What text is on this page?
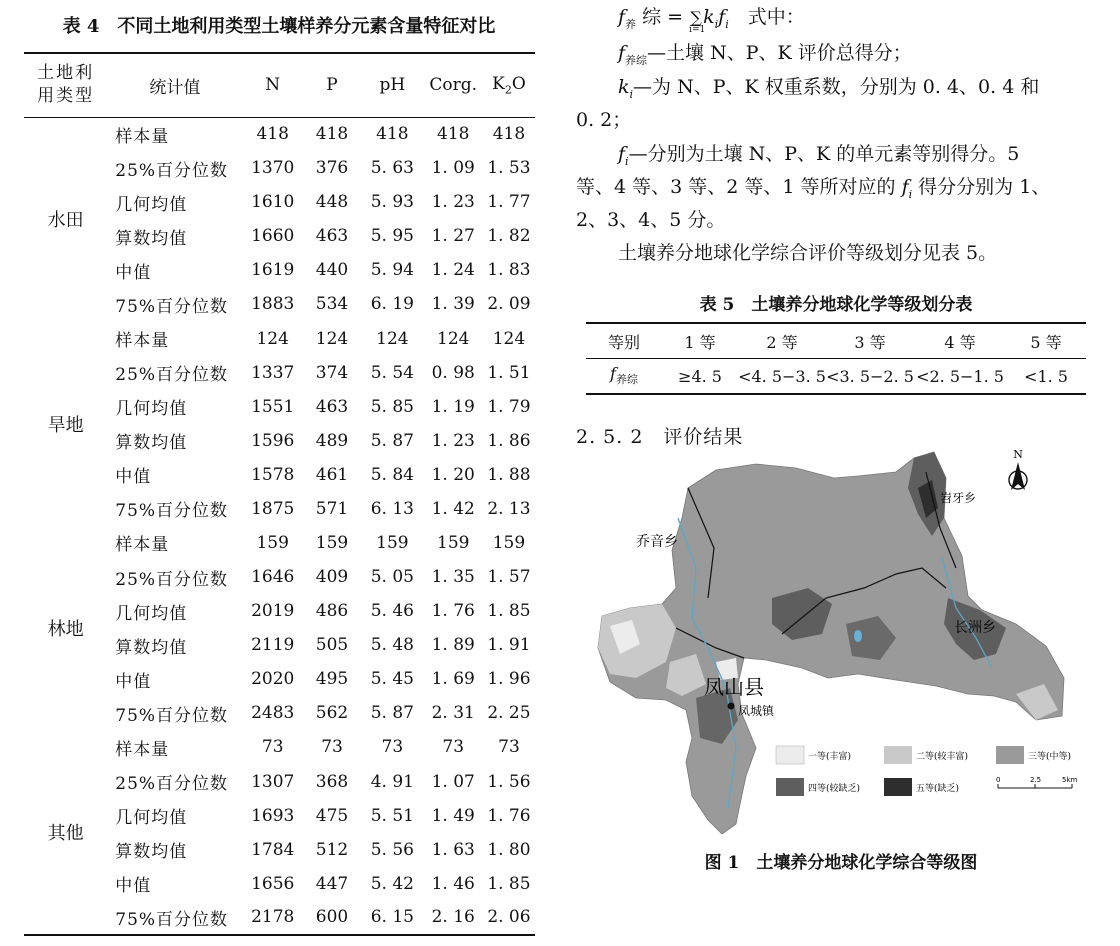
表 4　不同土地利用类型土壤样养分元素含量特征对比
土地利
用类型	统计值	N	P	pH	Corg.	$K_2O$
水田	样本量	418	418	418	418	418
	25%百分位数	1370	376	5. 63	1. 09	1. 53
	几何均值	1610	448	5. 93	1. 23	1. 77
	算数均值	1660	463	5. 95	1. 27	1. 82
	中值	1619	440	5. 94	1. 24	1. 83
	75%百分位数	1883	534	6. 19	1. 39	2. 09
旱地	样本量	124	124	124	124	124
	25%百分位数	1337	374	5. 54	0. 98	1. 51
	几何均值	1551	463	5. 85	1. 19	1. 79
	算数均值	1596	489	5. 87	1. 23	1. 86
	中值	1578	461	5. 84	1. 20	1. 88
	75%百分位数	1875	571	6. 13	1. 42	2. 13
林地	样本量	159	159	159	159	159
	25%百分位数	1646	409	5. 05	1. 35	1. 57
	几何均值	2019	486	5. 46	1. 76	1. 85
	算数均值	2119	505	5. 48	1. 89	1. 91
	中值	2020	495	5. 45	1. 69	1. 96
	75%百分位数	2483	562	5. 87	2. 31	2. 25
其他	样本量	73	73	73	73	73
	25%百分位数	1307	368	4. 91	1. 07	1. 56
	几何均值	1693	475	5. 51	1. 49	1. 76
	算数均值	1784	512	5. 56	1. 63	1. 80
	中值	1656	447	5. 42	1. 46	1. 85
	75%百分位数	2178	600	6. 15	2. 16	2. 06
$f_养$ 综 = ∑
i=1
$k_if_i$　式中：
$f_{养综}—$土壤 N、P、K 评价总得分；
$k_i—$为 N、P、K 权重系数，分别为 0. 4、0. 4 和
0. 2；
$f_i—$分别为土壤 N、P、K 的单元素等别得分。5
等、4 等、3 等、2 等、1 等所对应的 $f_i$ 得分分别为 1、
2、3、4、5 分。
土壤养分地球化学综合评价等级划分见表 5。
表 5　土壤养分地球化学等级划分表
等别	1 等	2 等	3 等	4 等	5 等
$f_{养综}$	≥4. 5	<4. 5−3. 5	<3. 5−2. 5	<2. 5−1. 5	<1. 5
2. 5. 2　评价结果
N
岧牙乡
乔音乡
长洲乡
凤山县
凤城镇
一等(丰富)	二等(较丰富)	三等(中等)
四等(较缺乏)	五等(缺乏)
0	2.5	5km
图 1　土壤养分地球化学综合等级图
